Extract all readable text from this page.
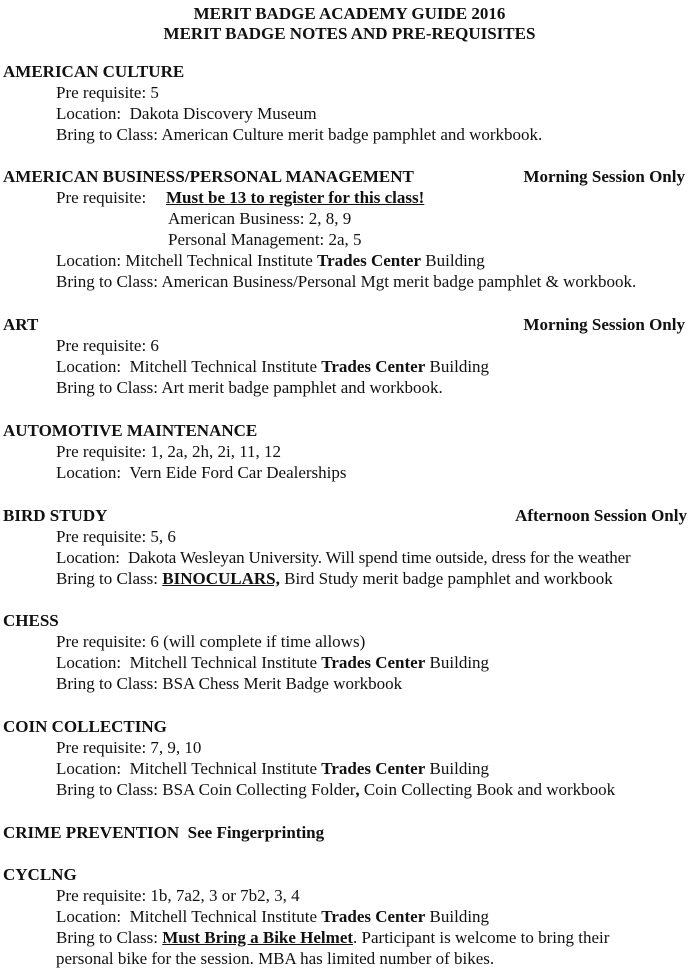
MERIT BADGE ACADEMY GUIDE 2016
MERIT BADGE NOTES AND PRE-REQUISITES
AMERICAN CULTURE
Pre requisite: 5
Location:  Dakota Discovery Museum
Bring to Class: American Culture merit badge pamphlet and workbook.
AMERICAN BUSINESS/PERSONAL MANAGEMENT	Morning Session Only
Pre requisite: Must be 13 to register for this class!
American Business: 2, 8, 9
Personal Management: 2a, 5
Location: Mitchell Technical Institute Trades Center Building
Bring to Class: American Business/Personal Mgt merit badge pamphlet & workbook.
ART	Morning Session Only
Pre requisite: 6
Location:  Mitchell Technical Institute Trades Center Building
Bring to Class: Art merit badge pamphlet and workbook.
AUTOMOTIVE MAINTENANCE
Pre requisite: 1, 2a, 2h, 2i, 11, 12
Location:  Vern Eide Ford Car Dealerships
BIRD STUDY	Afternoon Session Only
Pre requisite: 5, 6
Location:  Dakota Wesleyan University. Will spend time outside, dress for the weather
Bring to Class: BINOCULARS, Bird Study merit badge pamphlet and workbook
CHESS
Pre requisite: 6 (will complete if time allows)
Location:  Mitchell Technical Institute Trades Center Building
Bring to Class: BSA Chess Merit Badge workbook
COIN COLLECTING
Pre requisite: 7, 9, 10
Location:  Mitchell Technical Institute Trades Center Building
Bring to Class: BSA Coin Collecting Folder, Coin Collecting Book and workbook
CRIME PREVENTION  See Fingerprinting
CYCLNG
Pre requisite: 1b, 7a2, 3 or 7b2, 3, 4
Location:  Mitchell Technical Institute Trades Center Building
Bring to Class: Must Bring a Bike Helmet. Participant is welcome to bring their
personal bike for the session. MBA has limited number of bikes.
